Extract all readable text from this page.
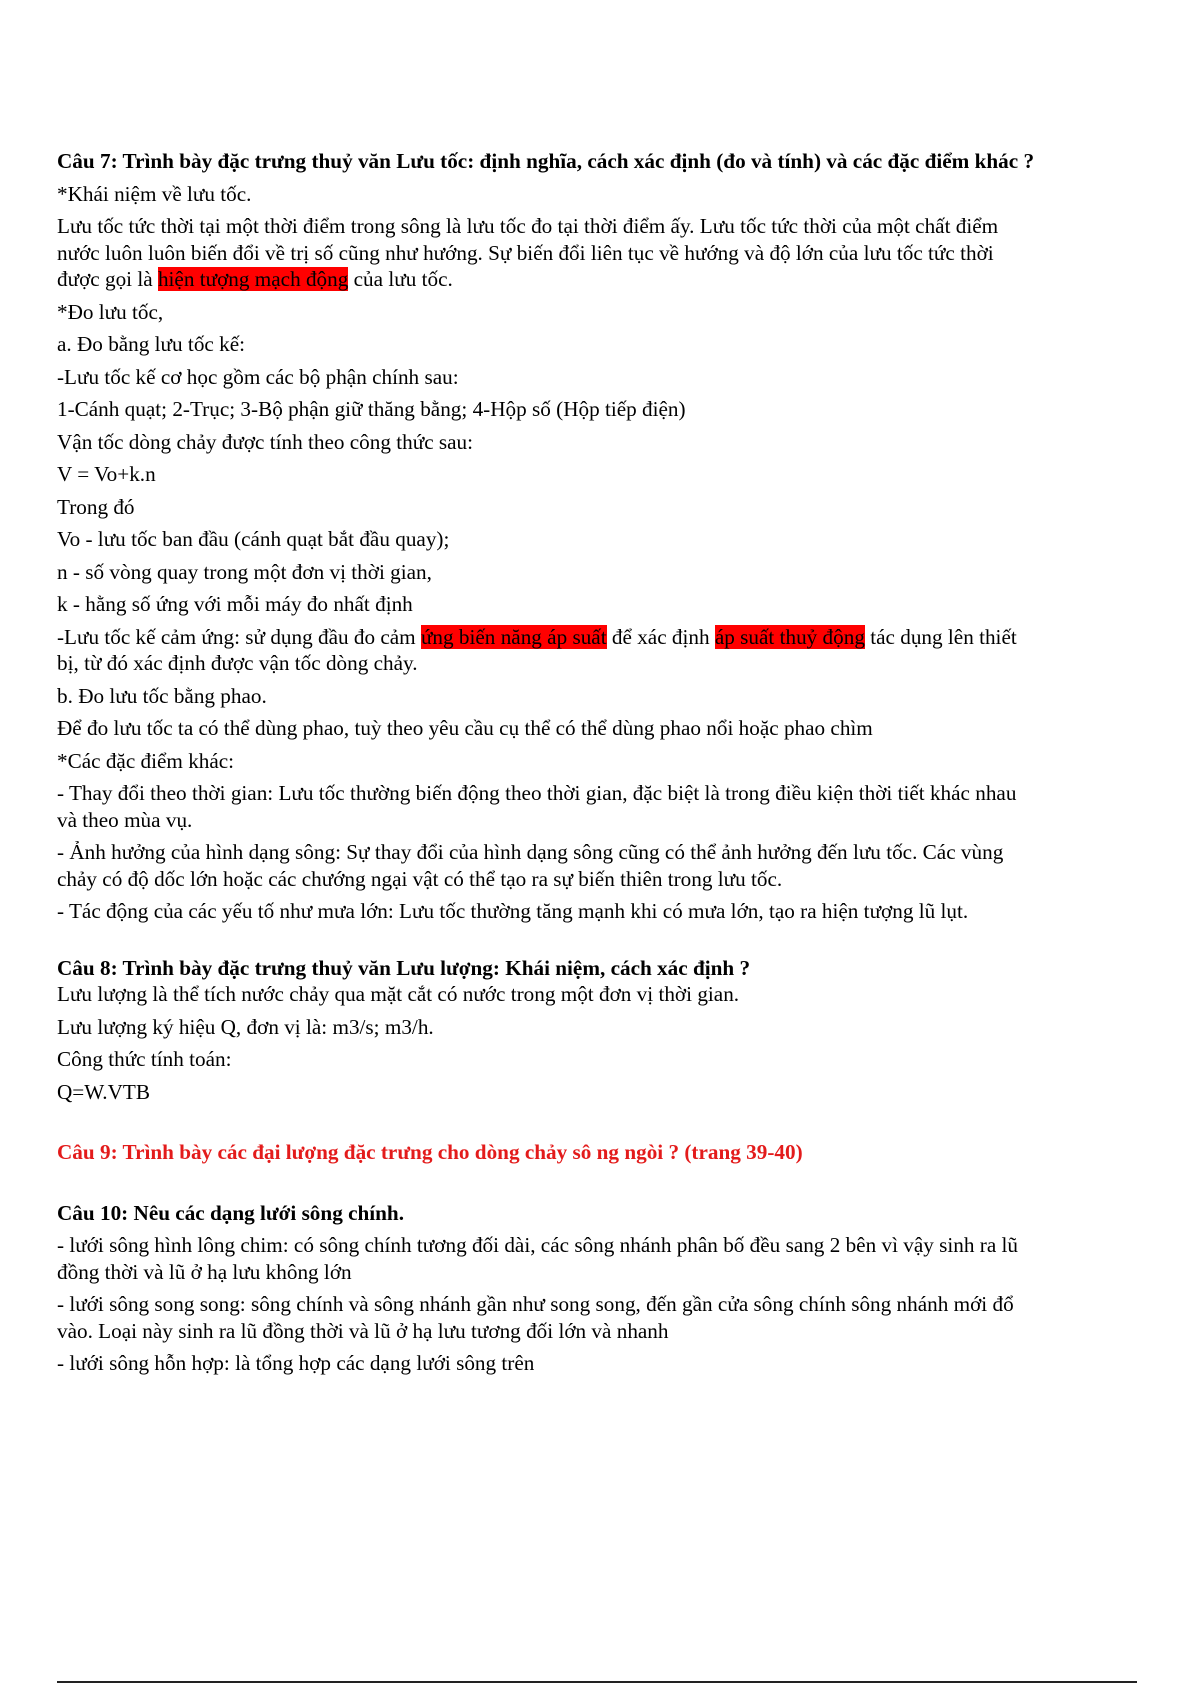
Câu 7: Trình bày đặc trưng thuỷ văn Lưu tốc: định nghĩa, cách xác định (đo và tính) và các đặc điểm khác ?

*Khái niệm về lưu tốc.

Lưu tốc tức thời tại một thời điểm trong sông là lưu tốc đo tại thời điểm ấy. Lưu tốc tức thời của một chất điểm

nước luôn luôn biến đổi về trị số cũng như hướng. Sự biến đổi liên tục về hướng và độ lớn của lưu tốc tức thời

được gọi là hiện tượng mạch động của lưu tốc.

*Đo lưu tốc,

a. Đo bằng lưu tốc kế:

-Lưu tốc kế cơ học gồm các bộ phận chính sau:

1-Cánh quạt; 2-Trục; 3-Bộ phận giữ thăng bằng; 4-Hộp số (Hộp tiếp điện)

Vận tốc dòng chảy được tính theo công thức sau:

V = Vo+k.n

Trong đó

Vo - lưu tốc ban đầu (cánh quạt bắt đầu quay);

n - số vòng quay trong một đơn vị thời gian,

k - hằng số ứng với mỗi máy đo nhất định

-Lưu tốc kế cảm ứng: sử dụng đầu đo cảm ứng biến năng áp suất để xác định áp suất thuỷ động tác dụng lên thiết

bị, từ đó xác định được vận tốc dòng chảy.

b. Đo lưu tốc bằng phao.

Để đo lưu tốc ta có thể dùng phao, tuỳ theo yêu cầu cụ thể có thể dùng phao nổi hoặc phao chìm

*Các đặc điểm khác:

- Thay đổi theo thời gian: Lưu tốc thường biến động theo thời gian, đặc biệt là trong điều kiện thời tiết khác nhau

và theo mùa vụ.

- Ảnh hưởng của hình dạng sông: Sự thay đổi của hình dạng sông cũng có thể ảnh hưởng đến lưu tốc. Các vùng

chảy có độ dốc lớn hoặc các chướng ngại vật có thể tạo ra sự biến thiên trong lưu tốc.

- Tác động của các yếu tố như mưa lớn: Lưu tốc thường tăng mạnh khi có mưa lớn, tạo ra hiện tượng lũ lụt.

Câu 8: Trình bày đặc trưng thuỷ văn Lưu lượng: Khái niệm, cách xác định ?

Lưu lượng là thể tích nước chảy qua mặt cắt có nước trong một đơn vị thời gian.

Lưu lượng ký hiệu Q, đơn vị là: m3/s; m3/h.

Công thức tính toán:

Q=W.VTB

Câu 9: Trình bày các đại lượng đặc trưng cho dòng chảy sô ng ngòi ? (trang 39-40)

Câu 10: Nêu các dạng lưới sông chính.

- lưới sông hình lông chim: có sông chính tương đối dài, các sông nhánh phân bố đều sang 2 bên vì vậy sinh ra lũ

đồng thời và lũ ở hạ lưu không lớn

- lưới sông song song: sông chính và sông nhánh gần như song song, đến gần cửa sông chính sông nhánh mới đổ

vào. Loại này sinh ra lũ đồng thời và lũ ở hạ lưu tương đối lớn và nhanh

- lưới sông hỗn hợp: là tổng hợp các dạng lưới sông trên
